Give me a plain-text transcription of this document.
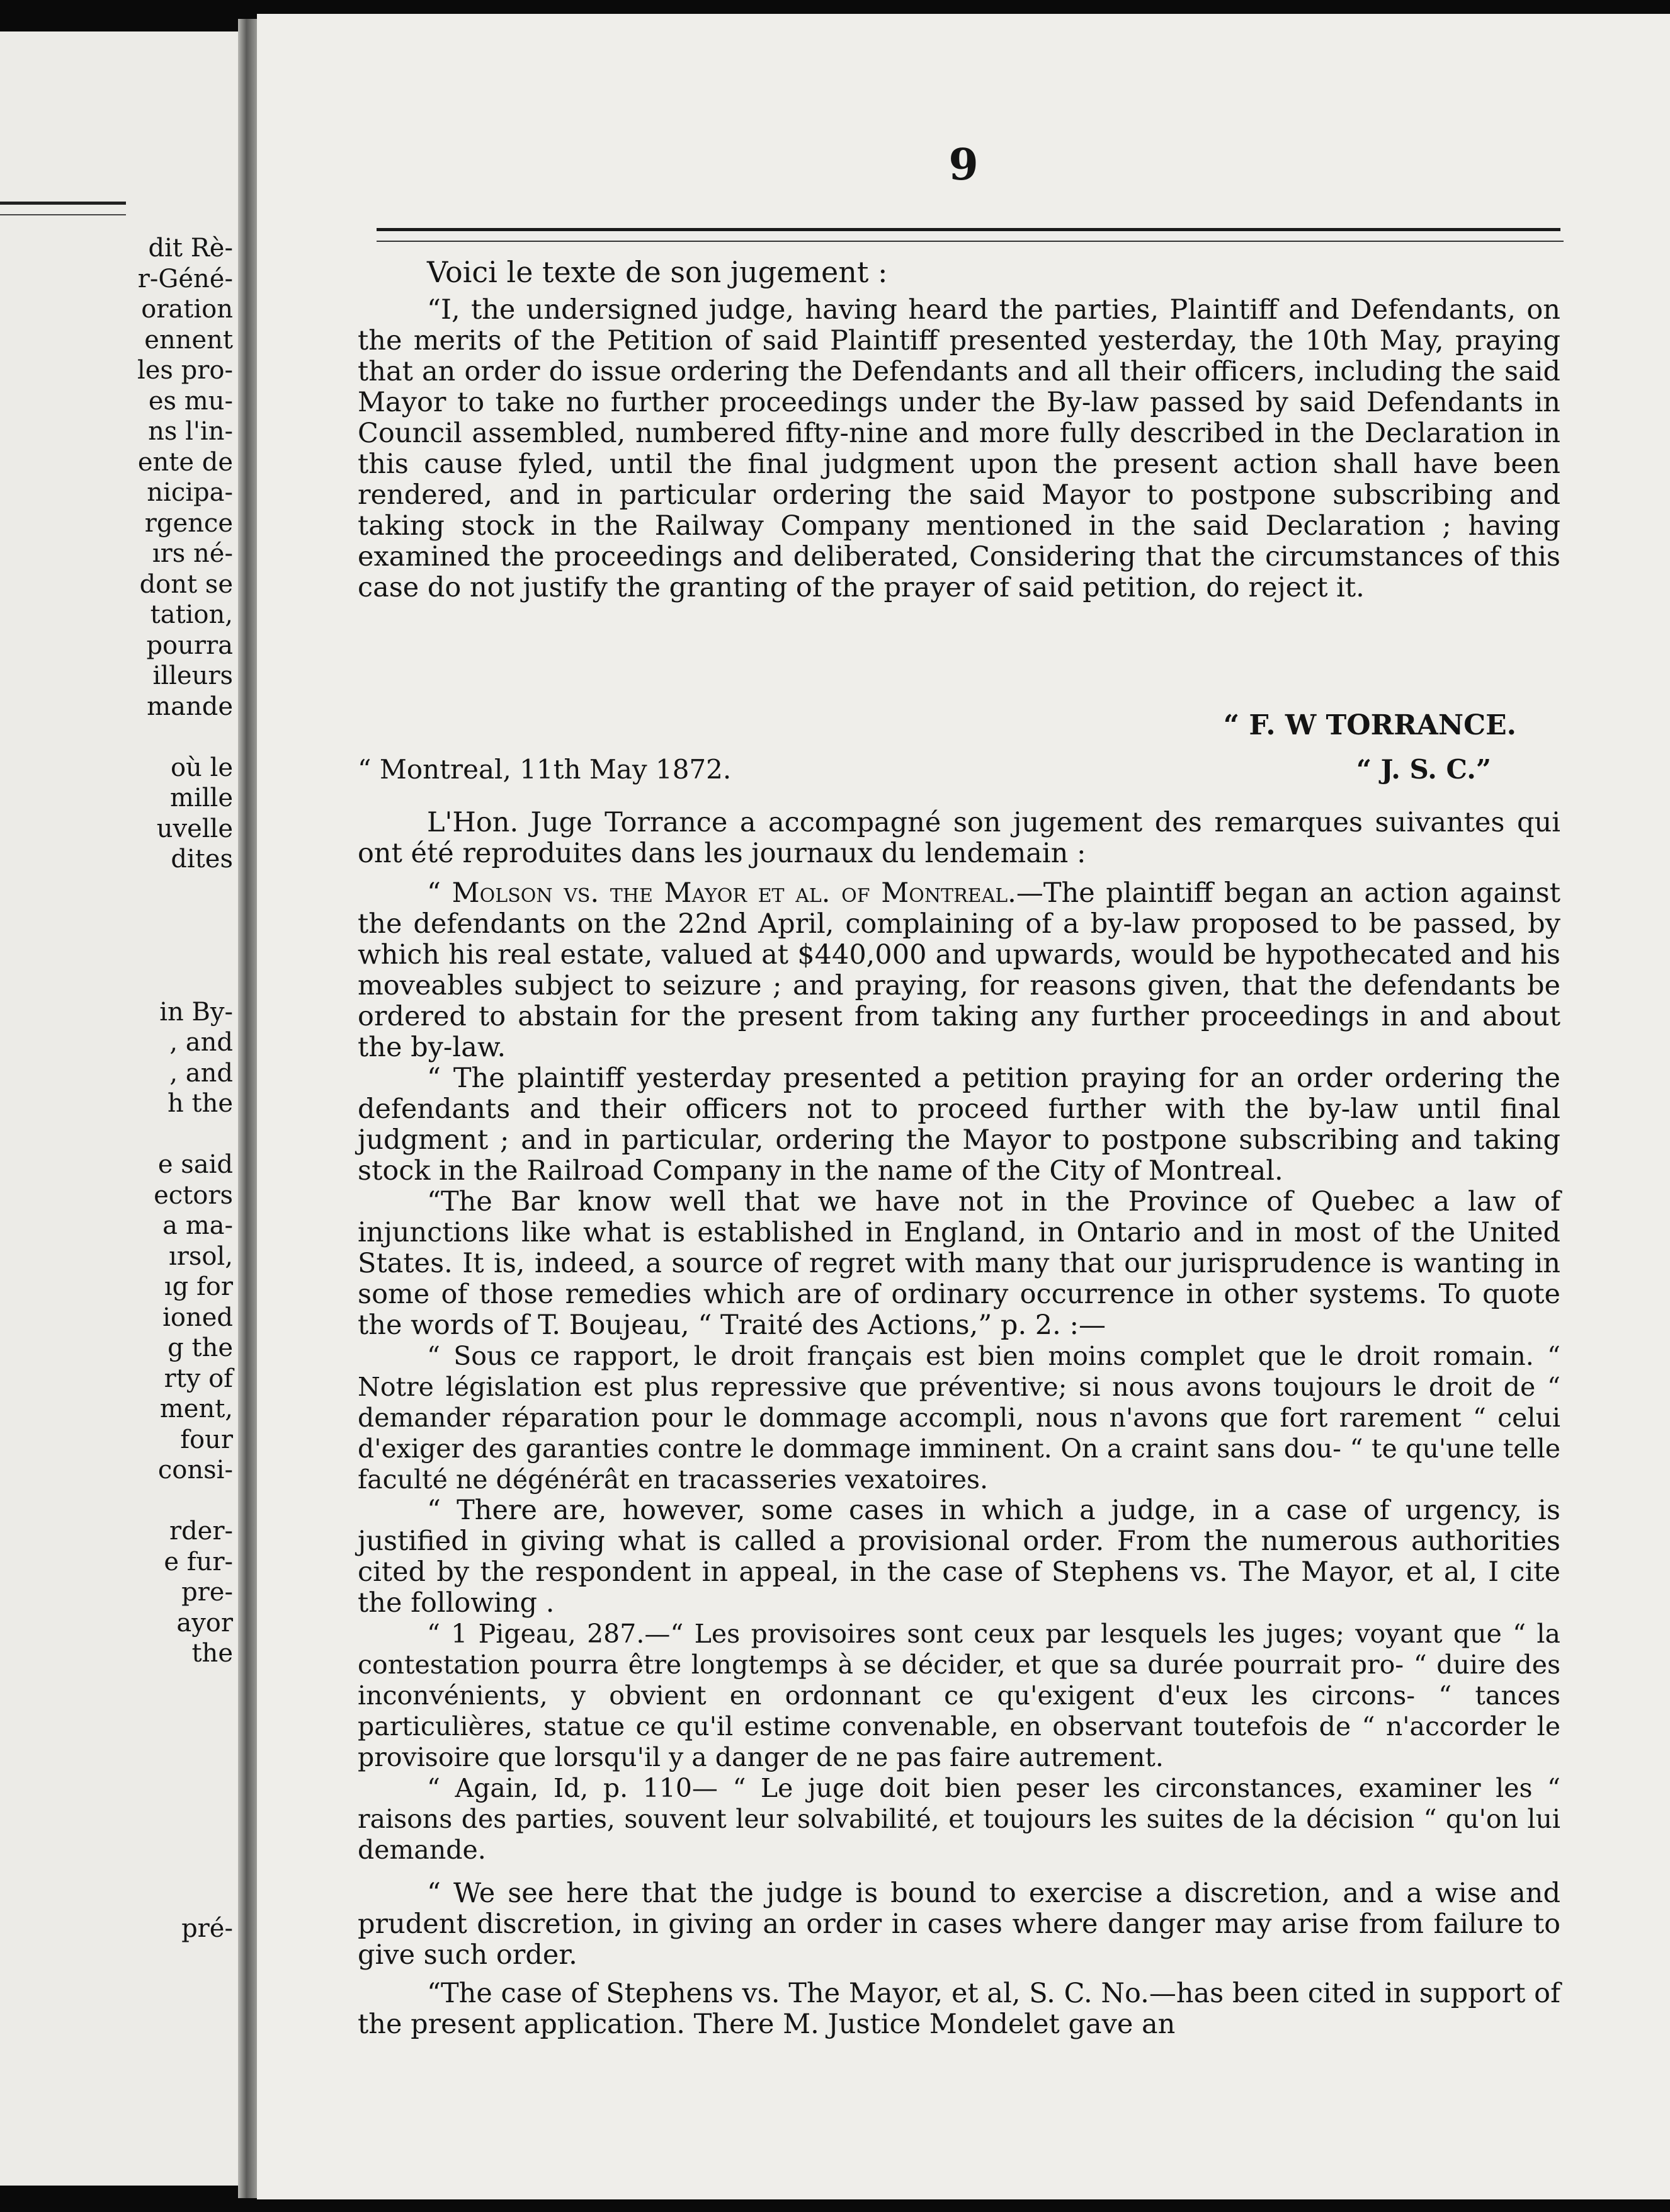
dit Rè-
r-Géné-
oration
ennent
les pro-
es mu-
ns l'in-
ente de
nicipa-
rgence
ırs né-
dont se
tation,
pourra
illeurs
mande
où le
mille
uvelle
dites
in By-
, and
, and
h the
e said
ectors
a ma-
ırsol,
ıg for
ioned
g the
rty of
ment,
four
consi-
rder-
e fur-
pre-
ayor
the
pré-
9

Voici le texte de son jugement :

“I, the undersigned judge, having heard the parties, Plaintiff and Defendants, on the merits of the Petition of said Plaintiff presented yesterday, the 10th May, praying that an order do issue ordering the Defendants and all their officers, including the said Mayor to take no further proceedings under the By-law passed by said Defendants in Council assembled, numbered fifty-nine and more fully described in the Declaration in this cause fyled, until the final judgment upon the present action shall have been rendered, and in particular ordering the said Mayor to postpone subscribing and taking stock in the Railway Company mentioned in the said Declaration ; having examined the proceedings and deliberated, Considering that the circumstances of this case do not justify the granting of the prayer of said petition, do reject it.

“ F. W TORRANCE.
“ Montreal, 11th May 1872.	“ J. S. C.”

L'Hon. Juge Torrance a accompagné son jugement des remarques suivantes qui ont été reproduites dans les journaux du lendemain :

“ Molson vs. the Mayor et al. of Montreal.—The plaintiff began an action against the defendants on the 22nd April, complaining of a by-law proposed to be passed, by which his real estate, valued at $440,000 and upwards, would be hypothecated and his moveables subject to seizure ; and praying, for reasons given, that the defendants be ordered to abstain for the present from taking any further proceedings in and about the by-law.

“ The plaintiff yesterday presented a petition praying for an order ordering the defendants and their officers not to proceed further with the by-law until final judgment ; and in particular, ordering the Mayor to postpone subscribing and taking stock in the Railroad Company in the name of the City of Montreal.

“The Bar know well that we have not in the Province of Quebec a law of injunctions like what is established in England, in Ontario and in most of the United States. It is, indeed, a source of regret with many that our jurisprudence is wanting in some of those remedies which are of ordinary occurrence in other systems. To quote the words of T. Boujeau, “ Traité des Actions,” p. 2. :—

“ Sous ce rapport, le droit français est bien moins complet que le droit romain. “ Notre législation est plus repressive que préventive; si nous avons toujours le droit de “ demander réparation pour le dommage accompli, nous n'avons que fort rarement “ celui d'exiger des garanties contre le dommage imminent. On a craint sans dou- “ te qu'une telle faculté ne dégénérât en tracasseries vexatoires.

“ There are, however, some cases in which a judge, in a case of urgency, is justified in giving what is called a provisional order. From the numerous authorities cited by the respondent in appeal, in the case of Stephens vs. The Mayor, et al, I cite the following .

“ 1 Pigeau, 287.—“ Les provisoires sont ceux par lesquels les juges; voyant que “ la contestation pourra être longtemps à se décider, et que sa durée pourrait pro- “ duire des inconvénients, y obvient en ordonnant ce qu'exigent d'eux les circons- “ tances particulières, statue ce qu'il estime convenable, en observant toutefois de “ n'accorder le provisoire que lorsqu'il y a danger de ne pas faire autrement.

“ Again, Id, p. 110— “ Le juge doit bien peser les circonstances, examiner les “ raisons des parties, souvent leur solvabilité, et toujours les suites de la décision “ qu'on lui demande.

“ We see here that the judge is bound to exercise a discretion, and a wise and prudent discretion, in giving an order in cases where danger may arise from failure to give such order.

“The case of Stephens vs. The Mayor, et al, S. C. No.—has been cited in support of the present application. There M. Justice Mondelet gave an
